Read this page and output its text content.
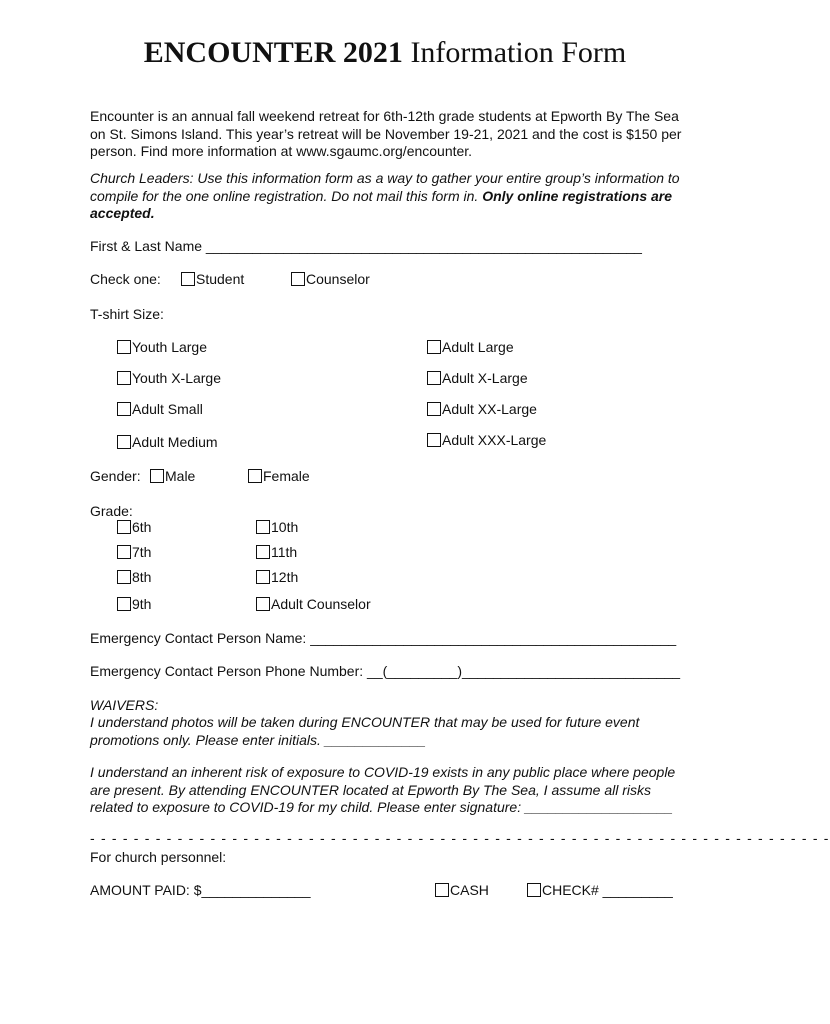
ENCOUNTER 2021 Information Form
Encounter is an annual fall weekend retreat for 6th-12th grade students at Epworth By The Sea on St. Simons Island. This year’s retreat will be November 19-21, 2021 and the cost is $150 per person. Find more information at www.sgaumc.org/encounter.
Church Leaders: Use this information form as a way to gather your entire group’s information to compile for the one online registration. Do not mail this form in. Only online registrations are accepted.
First & Last Name ________________________________________________________
Check one:	Student	Counselor
T-shirt Size:
Youth Large
Youth X-Large
Adult Small
Adult Medium
Adult Large
Adult X-Large
Adult XX-Large
Adult XXX-Large
Gender:	Male	Female
Grade:
6th
7th
8th
9th
10th
11th
12th
Adult Counselor
Emergency Contact Person Name: _______________________________________________
Emergency Contact Person Phone Number: __(_________)____________________________
WAIVERS:
I understand photos will be taken during ENCOUNTER that may be used for future event promotions only. Please enter initials. _____________
I understand an inherent risk of exposure to COVID-19 exists in any public place where people are present. By attending ENCOUNTER located at Epworth By The Sea, I assume all risks related to exposure to COVID-19 for my child. Please enter signature: ___________________
- - - - - - - - - - - - - - - - - - - - - - - - - - - - - - - - - - - - - - - - - - - - - - - - - - - - - - - - - - - - - - - - - - - -
For church personnel:
AMOUNT PAID: $______________	CASH	CHECK# _________
